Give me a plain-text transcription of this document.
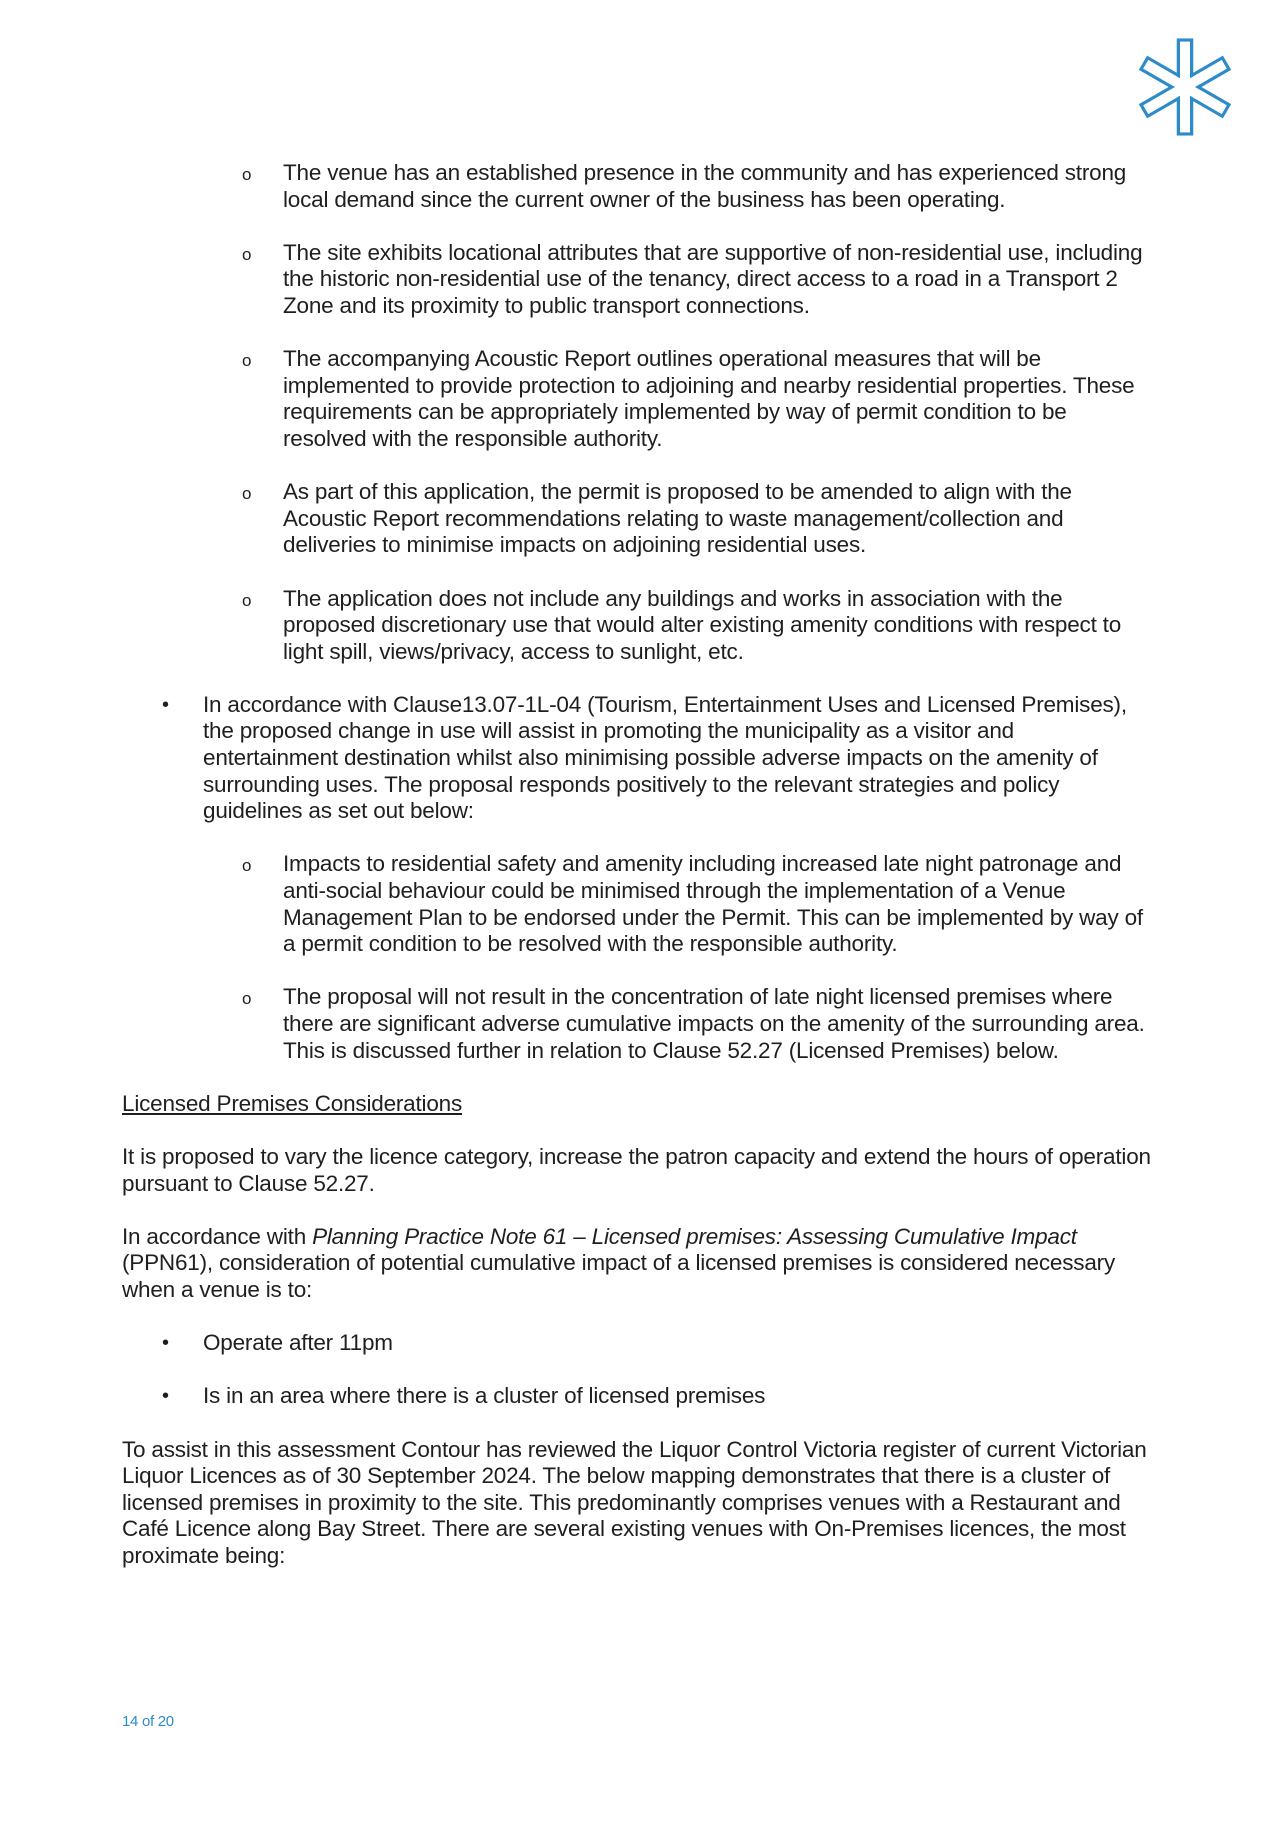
o The venue has an established presence in the community and has experienced strong local demand since the current owner of the business has been operating.

o The site exhibits locational attributes that are supportive of non-residential use, including the historic non-residential use of the tenancy, direct access to a road in a Transport 2 Zone and its proximity to public transport connections.

o The accompanying Acoustic Report outlines operational measures that will be implemented to provide protection to adjoining and nearby residential properties. These requirements can be appropriately implemented by way of permit condition to be resolved with the responsible authority.

o As part of this application, the permit is proposed to be amended to align with the Acoustic Report recommendations relating to waste management/collection and deliveries to minimise impacts on adjoining residential uses.

o The application does not include any buildings and works in association with the proposed discretionary use that would alter existing amenity conditions with respect to light spill, views/privacy, access to sunlight, etc.

• In accordance with Clause13.07-1L-04 (Tourism, Entertainment Uses and Licensed Premises), the proposed change in use will assist in promoting the municipality as a visitor and entertainment destination whilst also minimising possible adverse impacts on the amenity of surrounding uses. The proposal responds positively to the relevant strategies and policy guidelines as set out below:

o Impacts to residential safety and amenity including increased late night patronage and anti-social behaviour could be minimised through the implementation of a Venue Management Plan to be endorsed under the Permit. This can be implemented by way of a permit condition to be resolved with the responsible authority.

o The proposal will not result in the concentration of late night licensed premises where there are significant adverse cumulative impacts on the amenity of the surrounding area. This is discussed further in relation to Clause 52.27 (Licensed Premises) below.

Licensed Premises Considerations

It is proposed to vary the licence category, increase the patron capacity and extend the hours of operation pursuant to Clause 52.27.

In accordance with Planning Practice Note 61 – Licensed premises: Assessing Cumulative Impact (PPN61), consideration of potential cumulative impact of a licensed premises is considered necessary when a venue is to:

• Operate after 11pm

• Is in an area where there is a cluster of licensed premises

To assist in this assessment Contour has reviewed the Liquor Control Victoria register of current Victorian Liquor Licences as of 30 September 2024. The below mapping demonstrates that there is a cluster of licensed premises in proximity to the site. This predominantly comprises venues with a Restaurant and Café Licence along Bay Street. There are several existing venues with On-Premises licences, the most proximate being:

14 of 20
